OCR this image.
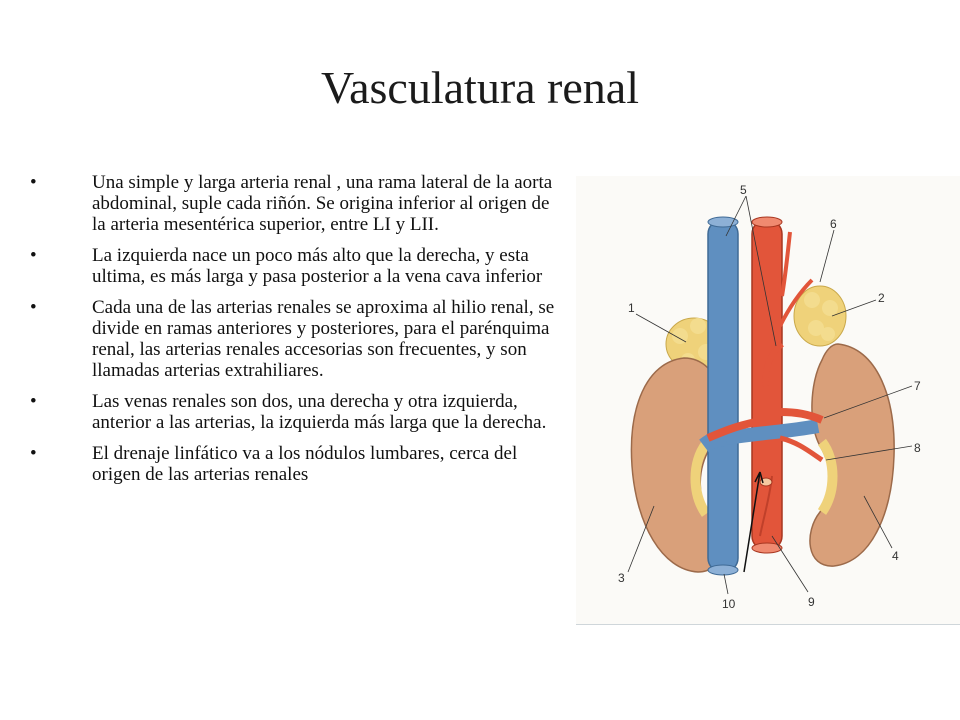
Vasculatura renal
•	Una simple y larga arteria renal , una rama lateral de la aorta abdominal, suple cada riñón. Se origina inferior al origen de la arteria mesentérica superior, entre LI y LII.
•	La izquierda nace un poco más alto que la derecha, y esta ultima, es más larga y pasa posterior a la vena cava inferior
•	Cada una de las arterias renales se aproxima al hilio renal, se divide en ramas anteriores y posteriores, para el parénquima renal, las arterias renales accesorias son frecuentes, y son llamadas arterias extrahiliares.
•	Las venas renales son dos, una derecha y otra izquierda, anterior a las arterias, la izquierda más larga que la derecha.
•	El drenaje linfático va a los nódulos lumbares, cerca del origen de las arterias renales
1
2
3
4
5
6
7
8
9
10
